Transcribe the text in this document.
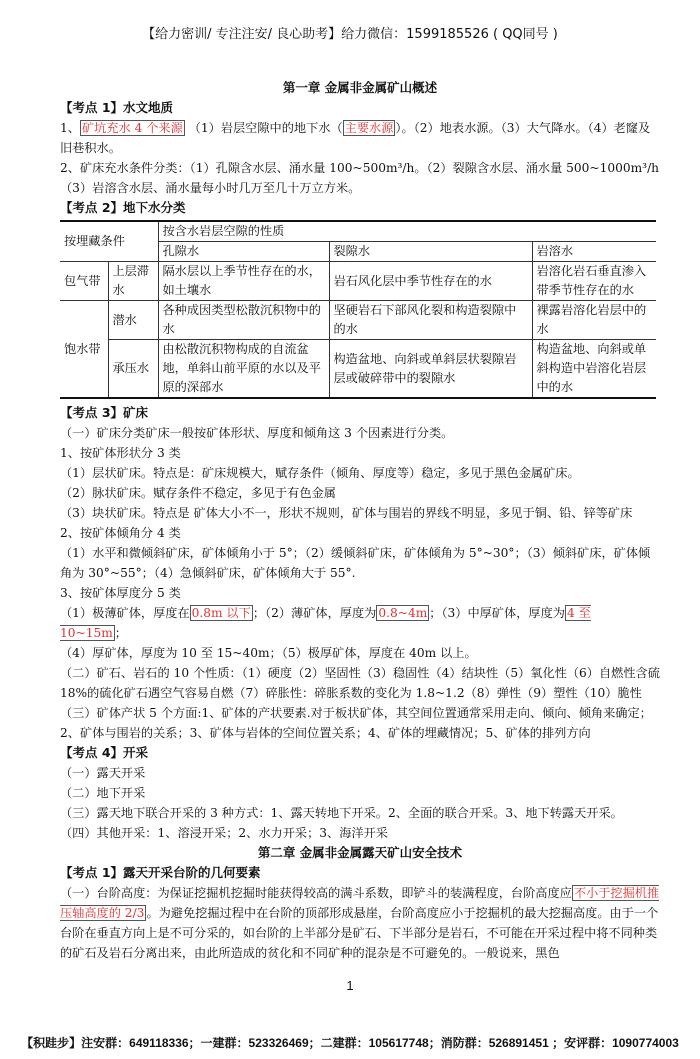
【给力密训/ 专注注安/ 良心助考】给力微信：1599185526 ( QQ同号 )
第一章 金属非金属矿山概述
【考点 1】水文地质
1、 矿坑充水 4 个来源 （1）岩层空隙中的地下水（ 主要水源 ）。（2）地表水源。（3）大气降水。（4）老窿及旧巷积水。
2、矿床充水条件分类：（1）孔隙含水层、涌水量 100~500m³/h。（2）裂隙含水层、涌水量 500~1000m³/h（3）岩溶含水层、涌水量每小时几万至几十万立方米。
【考点 2】地下水分类
按埋藏条件		按含水岩层空隙的性质		
		孔隙水	裂隙水	岩溶水
包气带	上层滞水	隔水层以上季节性存在的水，如土壤水	岩石风化层中季节性存在的水	岩溶化岩石垂直渗入带季节性存在的水
饱水带	潜水	各种成因类型松散沉积物中的水	坚硬岩石下部风化裂和构造裂隙中的水	裸露岩溶化岩层中的水
	承压水	由松散沉积物构成的自流盆地，单斜山前平原的水以及平原的深部水	构造盆地、向斜或单斜层状裂隙岩层或破碎带中的裂隙水	构造盆地、向斜或单斜构造中岩溶化岩层中的水
【考点 3】矿床
（一）矿床分类矿床一般按矿体形状、厚度和倾角这 3 个因素进行分类。
1、按矿体形状分 3 类
（1）层状矿床。特点是：矿床规模大，赋存条件（倾角、厚度等）稳定，多见于黑色金属矿床。
（2）脉状矿床。赋存条件不稳定，多见于有色金属
（3）块状矿床。特点是 矿体大小不一，形状不规则，矿体与围岩的界线不明显，多见于铜、铅、锌等矿床
2、按矿体倾角分 4 类
（1）水平和微倾斜矿床，矿体倾角小于 5°；（2）缓倾斜矿床，矿体倾角为 5°~30°；（3）倾斜矿床，矿体倾角为 30°~55°；（4）急倾斜矿床，矿体倾角大于 55°.
3、按矿体厚度分 5 类
（1）极薄矿体，厚度在 0.8m 以下 ；（2）薄矿体，厚度为 0.8~4m ；（3）中厚矿体，厚度为 4 至 10~15m ；
（4）厚矿体，厚度为 10 至 15~40m；（5）极厚矿体，厚度在 40m 以上。
（二）矿石、岩石的 10 个性质：（1）硬度（2）坚固性（3）稳固性（4）结块性（5）氧化性（6）自燃性含硫 18%的硫化矿石遇空气容易自燃（7）碎胀性：碎胀系数的变化为 1.8~1.2（8）弹性（9）塑性（10）脆性
（三）矿体产状 5 个方面:1、矿体的产状要素.对于板状矿体，其空间位置通常采用走向、倾向、倾角来确定；2、矿体与围岩的关系；3、矿体与岩体的空间位置关系；4、矿体的埋藏情况；5、矿体的排列方向
【考点 4】开采
（一）露天开采
（二）地下开采
（三）露天地下联合开采的 3 种方式：1、露天转地下开采。2、全面的联合开采。3、地下转露天开采。
（四）其他开采：1、溶浸开采；2、水力开采；3、海洋开采
第二章 金属非金属露天矿山安全技术
【考点 1】露天开采台阶的几何要素
（一）台阶高度：为保证挖掘机挖掘时能获得较高的满斗系数，即铲斗的装满程度，台阶高度应 不小于挖掘机推压轴高度的 2/3 。为避免挖掘过程中在台阶的顶部形成悬崖，台阶高度应小于挖掘机的最大挖掘高度。由于一个台阶在垂直方向上是不可分采的，如台阶的上半部分是矿石、下半部分是岩石，不可能在开采过程中将不同种类的矿石及岩石分离出来，由此所造成的贫化和不同矿种的混杂是不可避免的。一般说来，黑色
1
【积跬步】注安群：649118336；一建群：523326469；二建群：105617748；消防群：526891451 ；安评群：1090774003
